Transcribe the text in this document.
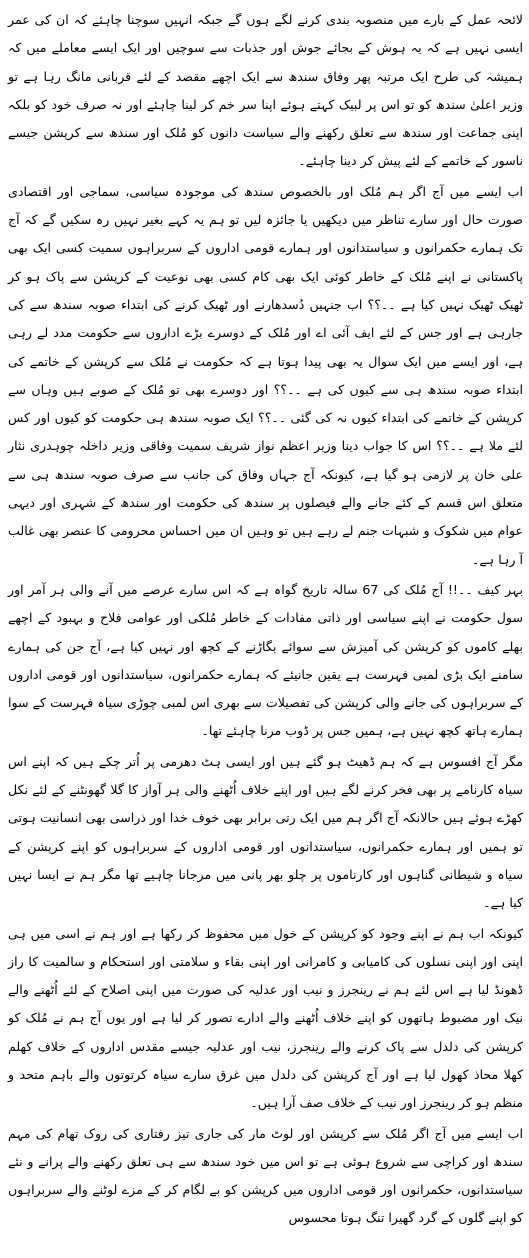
لائحہ عمل کے بارے میں منصوبہ بندی کرنے لگے ہوں گے جبکہ انہیں سوچنا چاہئے کہ ان کی عمر ایسی نہیں ہے کہ یہ ہوش کے بجائے جوش اور جذبات سے سوچیں اور ایک ایسے معاملے میں کہ ہمیشہ کی طرح ایک مرتبہ پھر وفاق سندھ سے ایک اچھے مقصد کے لئے قربانی مانگ رہا ہے تو وزیر اعلیٰ سندھ کو تو اس پر لبیک کہتے ہوئے اپنا سر خم کر لینا چاہئے اور نہ صرف خود کو بلکہ اپنی جماعت اور سندھ سے تعلق رکھنے والے سیاست دانوں کو مُلک اور سندھ سے کرپشن جیسے ناسور کے خاتمے کے لئے پیش کر دینا چاہئے۔

اب ایسے میں آج اگر ہم مُلک اور بالخصوص سندھ کی موجودہ سیاسی، سماجی اور اقتصادی صورت حال اور سارے تناظر میں دیکھیں یا جائزہ لیں تو ہم یہ کہے بغیر نہیں رہ سکیں گے کہ آج تک ہمارے حکمرانوں و سیاستدانوں اور ہمارے قومی اداروں کے سربراہوں سمیت کسی ایک بھی پاکستانی نے اپنے مُلک کے خاطر کوئی ایک بھی کام کسی بھی نوعیت کے کرپشن سے پاک ہو کر ٹھیک ٹھیک نہیں کیا ہے ۔۔؟؟ اب جنہیں دُسدھارنے اور ٹھیک کرنے کی ابتداء صوبہ سندھ سے کی جارہی ہے اور جس کے لئے ایف آئی اے اور مُلک کے دوسرے بڑے اداروں سے حکومت مدد لے رہی ہے، اور ایسے میں ایک سوال یہ بھی پیدا ہوتا ہے کہ حکومت نے مُلک سے کرپشن کے خاتمے کی ابتداء صوبہ سندھ ہی سے کیوں کی ہے ۔۔؟؟ اور دوسرے بھی تو مُلک کے صوبے ہیں وہاں سے کرپشن کے خاتمے کی ابتداء کیوں نہ کی گئی ۔۔؟؟ ایک صوبہ سندھ ہی حکومت کو کیوں اور کس لئے ملا ہے ۔۔؟؟ اس کا جواب دینا وزیر اعظم نواز شریف سمیت وفاقی وزیر داخلہ چوہدری نثار علی خان پر لازمی ہو گیا ہے، کیونکہ آج جہاں وفاق کی جانب سے صرف صوبہ سندھ ہی سے متعلق اس قسم کے کئے جانے والے فیصلوں پر سندھ کی حکومت اور سندھ کے شہری اور دیہی عوام میں شکوک و شبہات جنم لے رہے ہیں تو وہیں ان میں احساس محرومی کا عنصر بھی غالب آ رہا ہے۔

بہر کیف ۔۔!! آج مُلک کی 67 سالہ تاریخ گواہ ہے کہ اس سارے عرصے میں آنے والی ہر آمر اور سول حکومت نے اپنے سیاسی اور ذاتی مفادات کے خاطر مُلکی اور عوامی فلاح و بہبود کے اچھے بھلے کاموں کو کرپشن کی آمیزش سے سوائے بگاڑنے کے کچھ اور نہیں کیا ہے، آج جن کی ہمارے سامنے ایک بڑی لمبی فہرست ہے یقین جانیئے کہ ہمارے حکمرانوں، سیاستدانوں اور قومی اداروں کے سربراہوں کی جانے والی کرپشن کی تفصیلات سے بھری اس لمبی چوڑی سیاہ فہرست کے سوا ہمارے ہاتھ کچھ نہیں ہے، ہمیں جس پر ڈوب مرنا چاہئے تھا۔

مگر آج افسوس ہے کہ ہم ڈھیٹ ہو گئے ہیں اور ایسی ہٹ دھرمی پر اُتر چکے ہیں کہ اپنے اس سیاہ کارنامے پر بھی فخر کرنے لگے ہیں اور اپنے خلاف اُٹھنے والی ہر آواز کا گلا گھونٹنے کے لئے نکل کھڑے ہوئے ہیں حالانکہ آج اگر ہم میں ایک رتی برابر بھی خوف خدا اور ذراسی بھی انسانیت ہوتی تو ہمیں اور ہمارے حکمرانوں، سیاستدانوں اور قومی اداروں کے سربراہوں کو اپنے کرپشن کے سیاہ و شیطانی گناہوں اور کارناموں پر چلو بھر پانی میں مرجانا چاہیے تھا مگر ہم نے ایسا نہیں کیا ہے۔

کیونکہ اب ہم نے اپنے وجود کو کرپشن کے خول میں محفوظ کر رکھا ہے اور ہم نے اسی میں ہی اپنی اور اپنی نسلوں کی کامیابی و کامرانی اور اپنی بقاء و سلامتی اور استحکام و سالمیت کا راز ڈھونڈ لیا ہے اس لئے ہم نے رینجرز و نیب اور عدلیہ کی صورت میں اپنی اصلاح کے لئے اُٹھنے والے نیک اور مضبوط ہاتھوں کو اپنے خلاف اُٹھنے والے ادارے تصور کر لیا ہے اور یوں آج ہم نے مُلک کو کرپشن کی دلدل سے پاک کرنے والے رینجرز، نیب اور عدلیہ جیسے مقدس اداروں کے خلاف کھلم کھلا محاذ کھول لیا ہے اور آج کرپشن کی دلدل میں غرق سارے سیاہ کرتوتوں والے باہم متحد و منظم ہو کر رینجرز اور نیب کے خلاف صف آرا ہیں۔

اب ایسے میں آج اگر مُلک سے کرپشن اور لوٹ مار کی جاری تیز رفتاری کی روک تھام کی مہم سندھ اور کراچی سے شروع ہوئی ہے تو اس میں خود سندھ سے ہی تعلق رکھنے والے پرانے و نئے سیاستدانوں، حکمرانوں اور قومی اداروں میں کرپشن کو بے لگام کر کے مزے لوٹنے والے سربراہوں کو اپنے گلوں کے گرد گھیرا تنگ ہوتا محسوس
